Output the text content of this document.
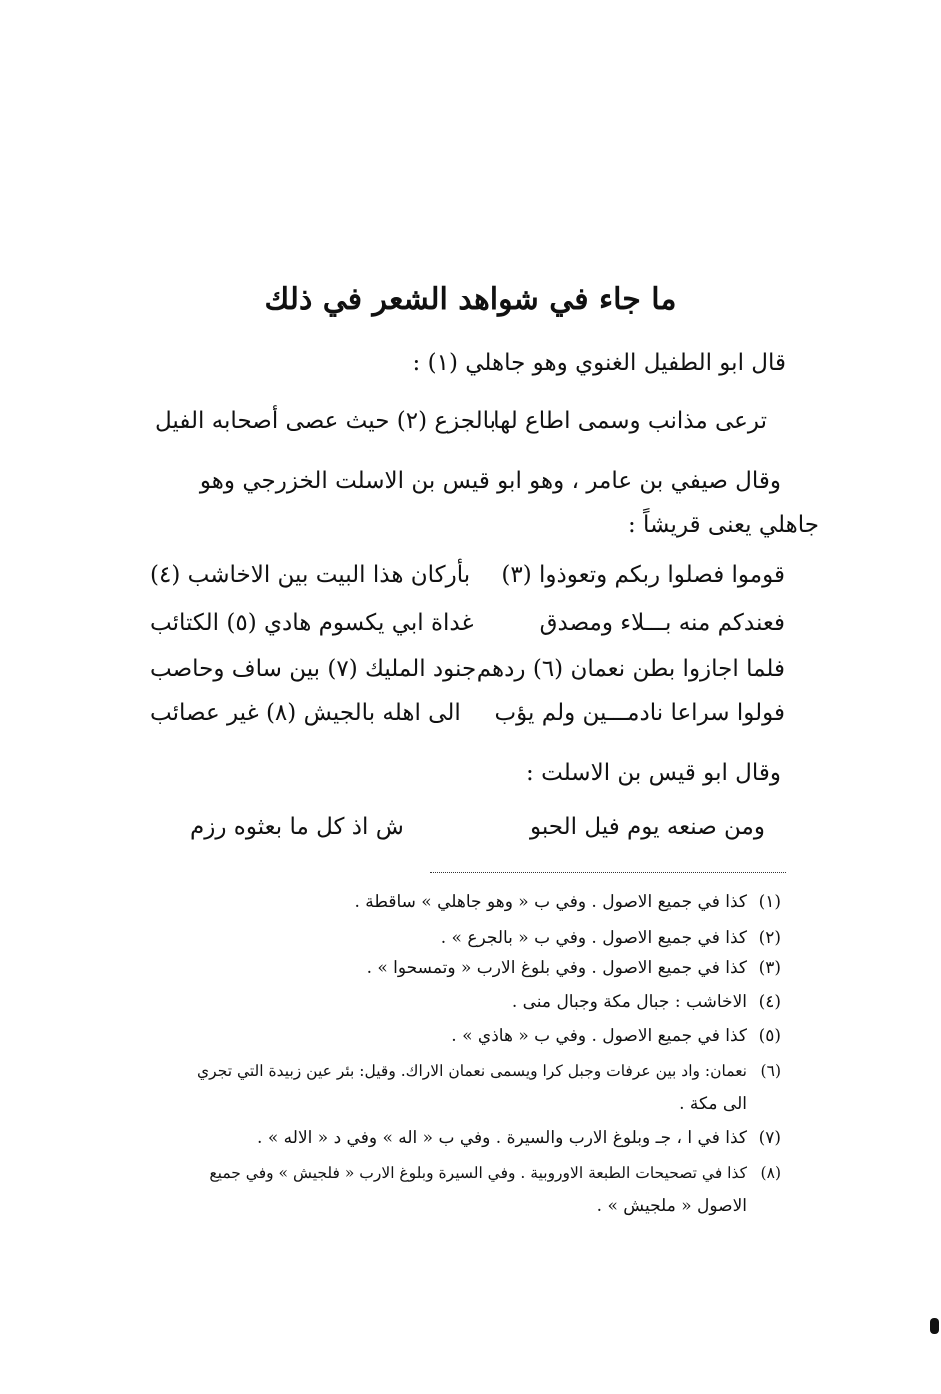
ما جاء في شواهد الشعر في ذلك
قال ابو الطفيل الغنوي وهو جاهلي (١) :
ترعى مذانب وسمى اطاع لها
بالجزع (٢) حيث عصى أصحابه الفيل
وقال صيفي بن عامر ، وهو ابو قيس بن الاسلت الخزرجي وهو
جاهلي يعنى قريشاً :
قوموا فصلوا ربكم وتعوذوا (٣)
بأركان هذا البيت بين الاخاشب (٤)
فعندكم منه بـــلاء ومصدق
غداة ابي يكسوم هادي (٥) الكتائب
فلما اجازوا بطن نعمان (٦) ردهم
جنود المليك (٧) بين ساف وحاصب
فولوا سراعا نادمـــين ولم يؤب
الى اهله بالجيش (٨) غير عصائب
وقال ابو قيس بن الاسلت :
ومن صنعه يوم فيل الحبو
ش اذ كل ما بعثوه رزم
(١)كذا في جميع الاصول . وفي ب « وهو جاهلي » ساقطة .
(٢)كذا في جميع الاصول . وفي ب « بالجرع » .
(٣)كذا في جميع الاصول . وفي بلوغ الارب « وتمسحوا » .
(٤)الاخاشب : جبال مكة وجبال منى .
(٥)كذا في جميع الاصول . وفي ب « هاذي » .
(٦)نعمان: واد بين عرفات وجبل كرا ويسمى نعمان الاراك. وقيل: بئر عين زبيدة التي تجري
الى مكة .
(٧)كذا في ا ، جـ وبلوغ الارب والسيرة . وفي ب « اله » وفي د « الاله » .
(٨)كذا في تصحيحات الطبعة الاوروبية . وفي السيرة وبلوغ الارب « فلجيش » وفي جميع
الاصول « ملجيش » .
